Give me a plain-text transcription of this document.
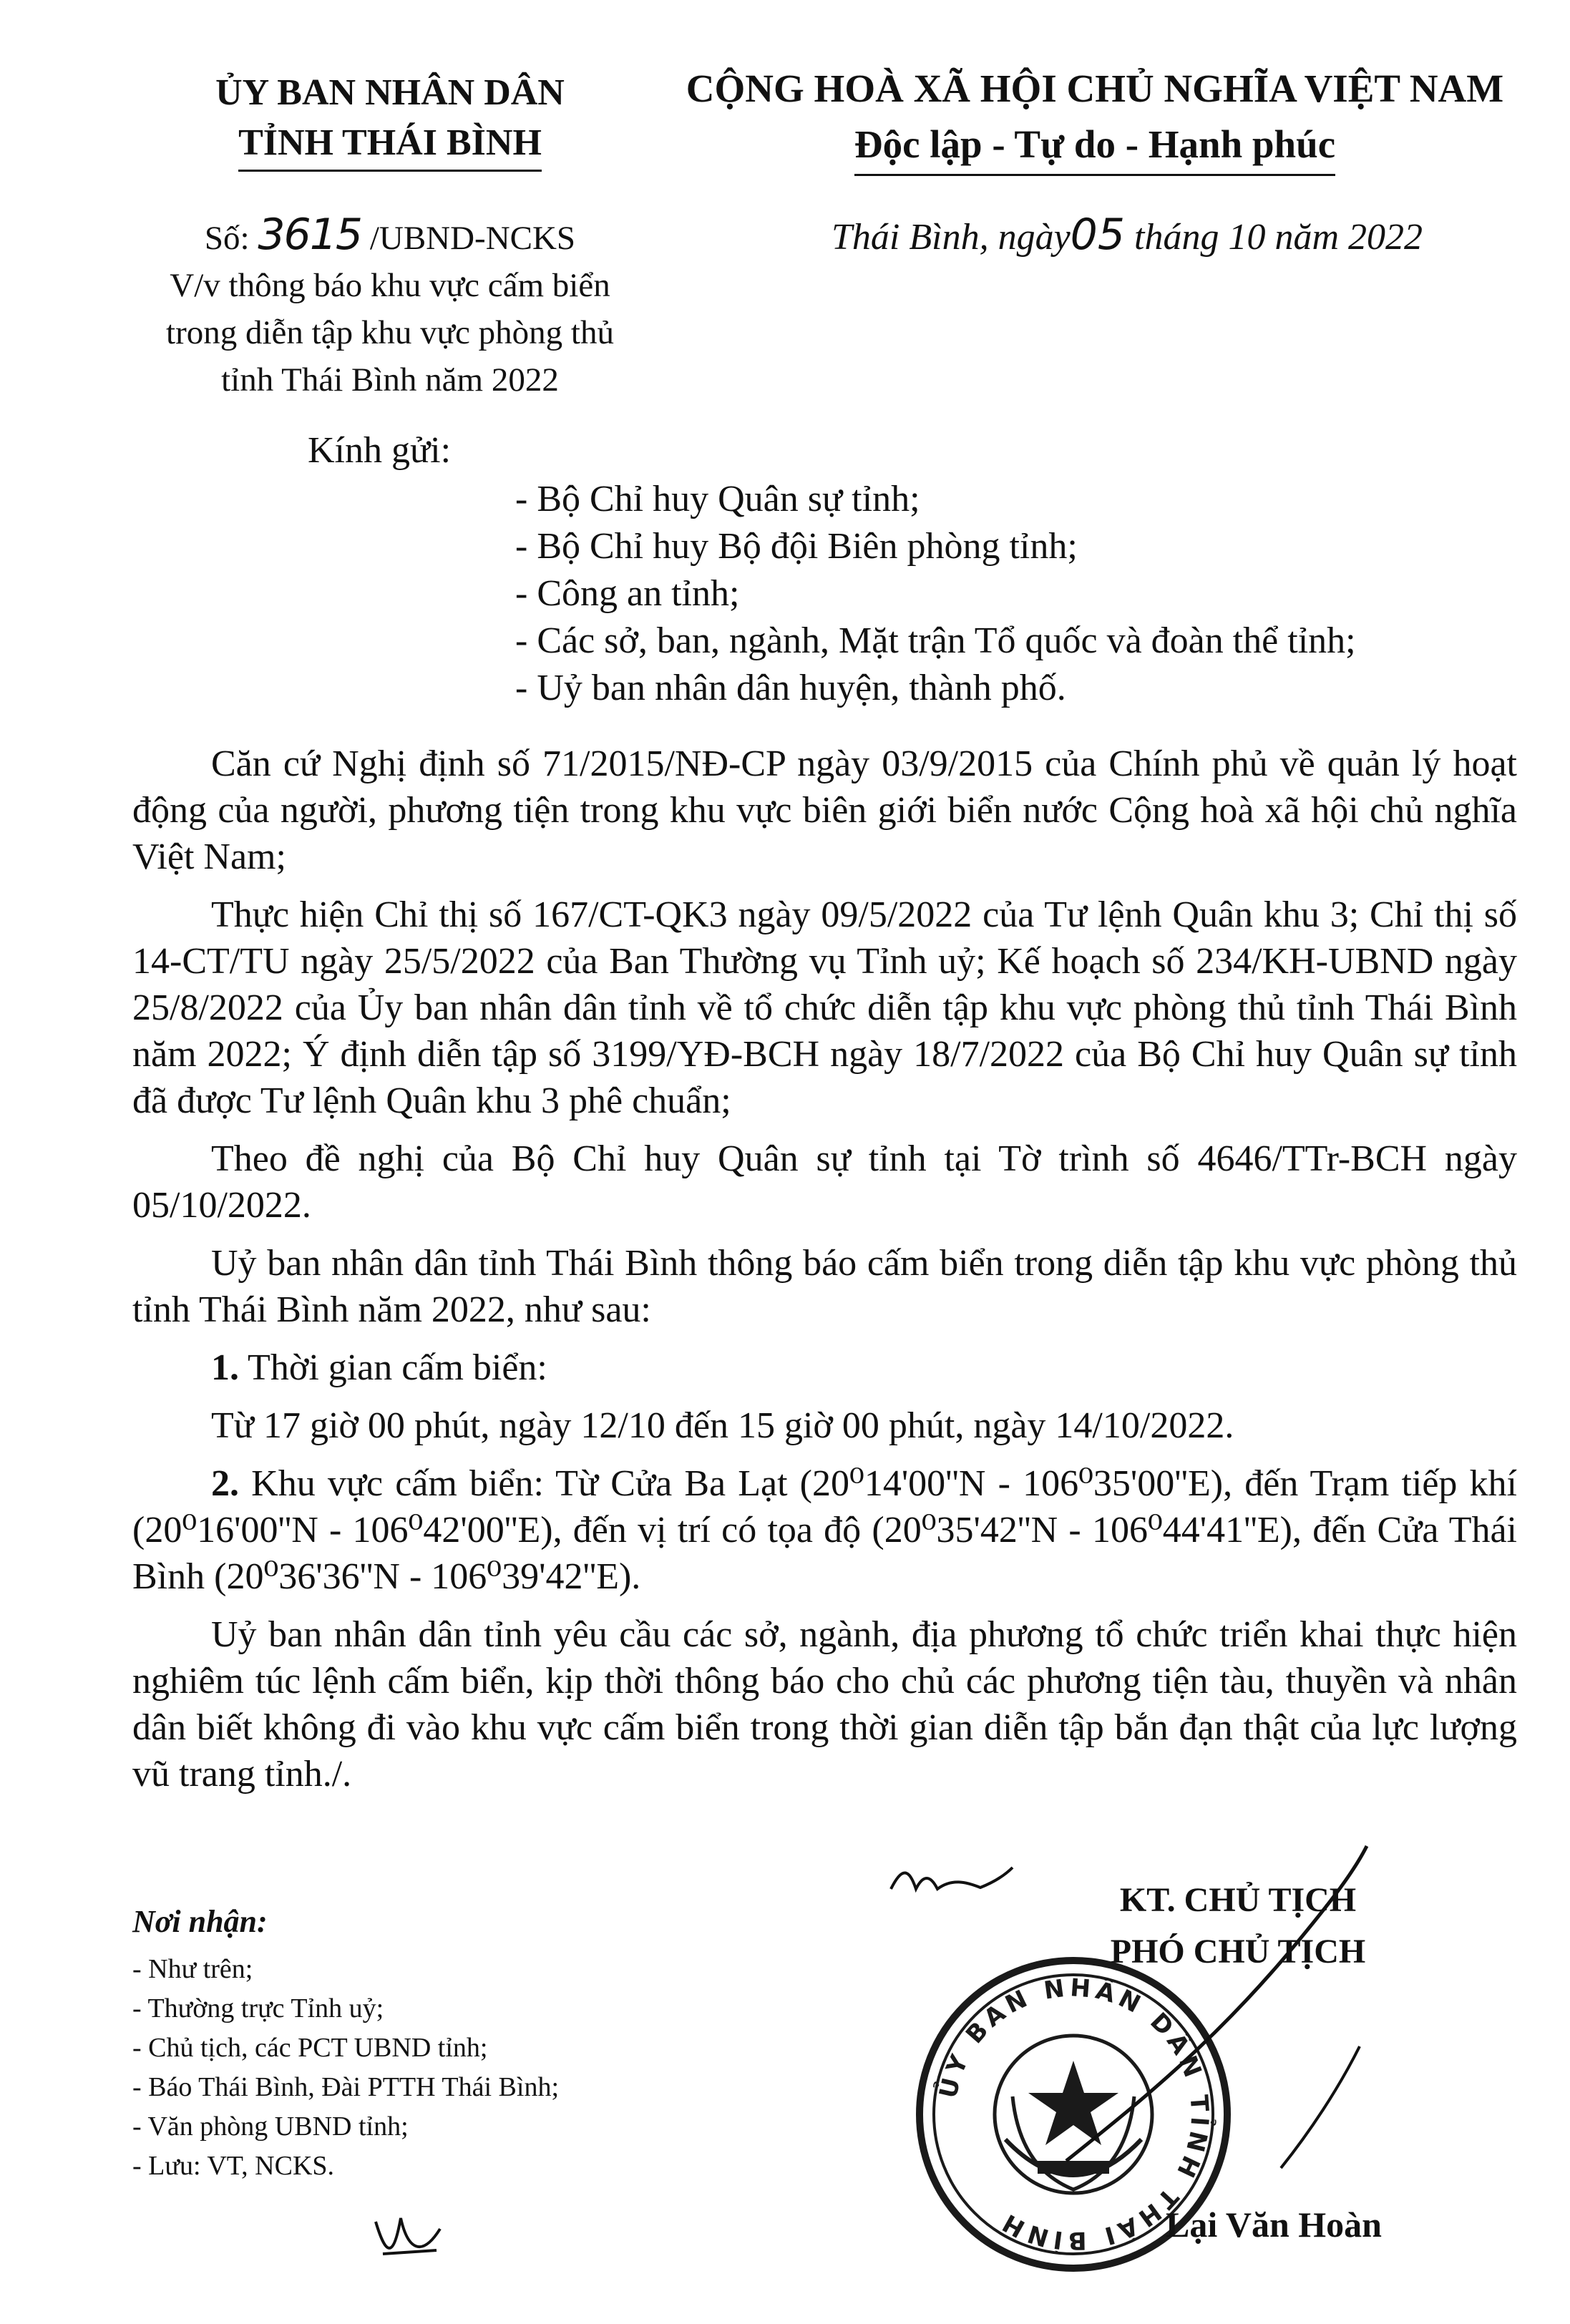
ỦY BAN NHÂN DÂN
TỈNH THÁI BÌNH
CỘNG HOÀ XÃ HỘI CHỦ NGHĨA VIỆT NAM
Độc lập - Tự do - Hạnh phúc
Số: 3615 /UBND-NCKS
V/v thông báo khu vực cấm biển
trong diễn tập khu vực phòng thủ
tỉnh Thái Bình năm 2022
Thái Bình, ngày05 tháng 10 năm 2022
Kính gửi:
- Bộ Chỉ huy Quân sự tỉnh;
- Bộ Chỉ huy Bộ đội Biên phòng tỉnh;
- Công an tỉnh;
- Các sở, ban, ngành, Mặt trận Tổ quốc và đoàn thể tỉnh;
- Uỷ ban nhân dân huyện, thành phố.

Căn cứ Nghị định số 71/2015/NĐ-CP ngày 03/9/2015 của Chính phủ về quản lý hoạt động của người, phương tiện trong khu vực biên giới biển nước Cộng hoà xã hội chủ nghĩa Việt Nam;

Thực hiện Chỉ thị số 167/CT-QK3 ngày 09/5/2022 của Tư lệnh Quân khu 3; Chỉ thị số 14-CT/TU ngày 25/5/2022 của Ban Thường vụ Tỉnh uỷ; Kế hoạch số 234/KH-UBND ngày 25/8/2022 của Ủy ban nhân dân tỉnh về tổ chức diễn tập khu vực phòng thủ tỉnh Thái Bình năm 2022; Ý định diễn tập số 3199/YĐ-BCH ngày 18/7/2022 của Bộ Chỉ huy Quân sự tỉnh đã được Tư lệnh Quân khu 3 phê chuẩn;

Theo đề nghị của Bộ Chỉ huy Quân sự tỉnh tại Tờ trình số 4646/TTr-BCH ngày 05/10/2022.

Uỷ ban nhân dân tỉnh Thái Bình thông báo cấm biển trong diễn tập khu vực phòng thủ tỉnh Thái Bình năm 2022, như sau:

1. Thời gian cấm biển:

Từ 17 giờ 00 phút, ngày 12/10 đến 15 giờ 00 phút, ngày 14/10/2022.

2. Khu vực cấm biển: Từ Cửa Ba Lạt (20⁰14'00''N - 106⁰35'00''E), đến Trạm tiếp khí (20⁰16'00''N - 106⁰42'00''E), đến vị trí có tọa độ (20⁰35'42''N - 106⁰44'41''E), đến Cửa Thái Bình (20⁰36'36''N - 106⁰39'42''E).

Uỷ ban nhân dân tỉnh yêu cầu các sở, ngành, địa phương tổ chức triển khai thực hiện nghiêm túc lệnh cấm biển, kịp thời thông báo cho chủ các phương tiện tàu, thuyền và nhân dân biết không đi vào khu vực cấm biển trong thời gian diễn tập bắn đạn thật của lực lượng vũ trang tỉnh./.

Nơi nhận:
- Như trên;
- Thường trực Tỉnh uỷ;
- Chủ tịch, các PCT UBND tỉnh;
- Báo Thái Bình, Đài PTTH Thái Bình;
- Văn phòng UBND tỉnh;
- Lưu: VT, NCKS.
ỦY BAN NHÂN DÂN TỈNH THÁI BÌNH
KT. CHỦ TỊCH
PHÓ CHỦ TỊCH
Lại Văn Hoàn
